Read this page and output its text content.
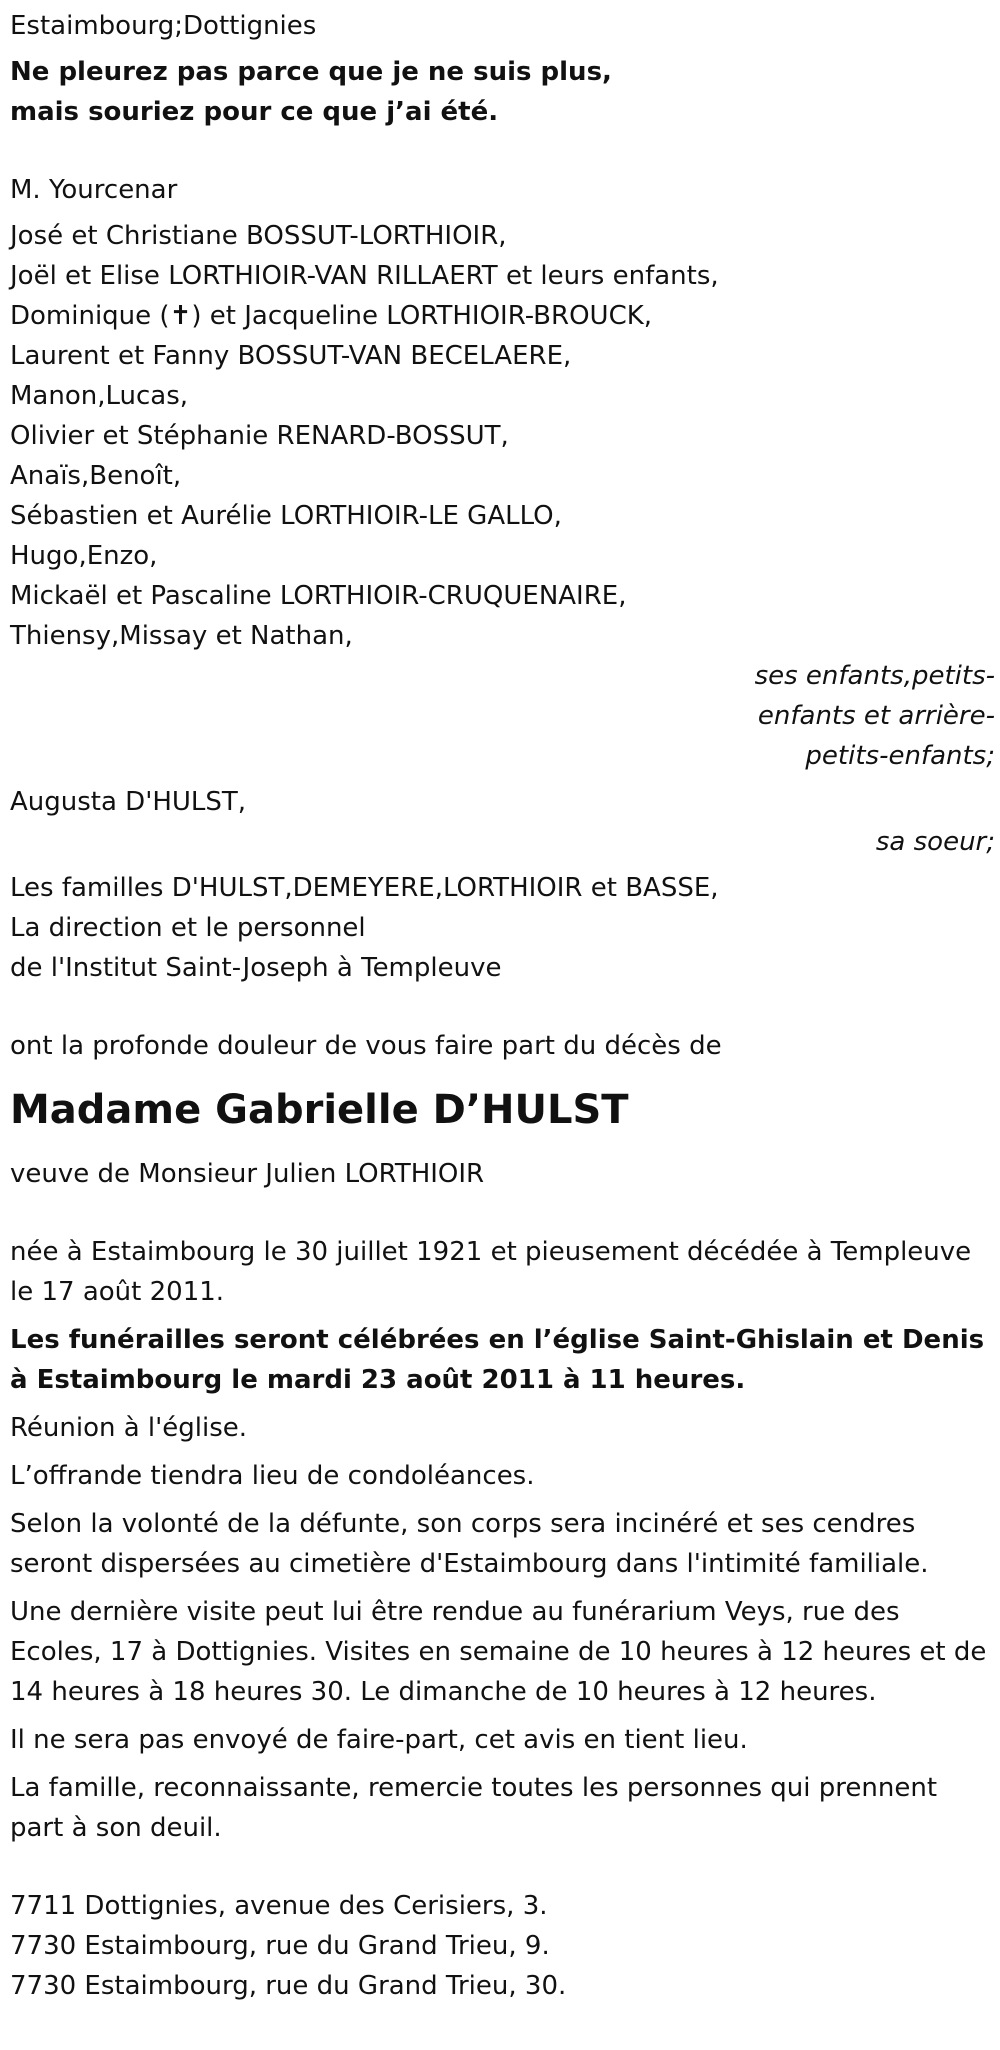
Estaimbourg;Dottignies
Ne pleurez pas parce que je ne suis plus,
mais souriez pour ce que j’ai été.
M. Yourcenar
José et Christiane BOSSUT-LORTHIOIR,
Joël et Elise LORTHIOIR-VAN RILLAERT et leurs enfants,
Dominique (✝) et Jacqueline LORTHIOIR-BROUCK,
Laurent et Fanny BOSSUT-VAN BECELAERE,
Manon,Lucas,
Olivier et Stéphanie RENARD-BOSSUT,
Anaïs,Benoît,
Sébastien et Aurélie LORTHIOIR-LE GALLO,
Hugo,Enzo,
Mickaël et Pascaline LORTHIOIR-CRUQUENAIRE,
Thiensy,Missay et Nathan,
ses enfants,petits-
enfants et arrière-
petits-enfants;
Augusta D'HULST,
sa soeur;
Les familles D'HULST,DEMEYERE,LORTHIOIR et BASSE,
La direction et le personnel
de l'Institut Saint-Joseph à Templeuve
ont la profonde douleur de vous faire part du décès de
Madame Gabrielle D’HULST
veuve de Monsieur Julien LORTHIOIR
née à Estaimbourg le 30 juillet 1921 et pieusement décédée à Templeuve le 17 août 2011.
Les funérailles seront célébrées en l’église Saint-Ghislain et Denis à Estaimbourg le mardi 23 août 2011 à 11 heures.
Réunion à l'église.
L’offrande tiendra lieu de condoléances.
Selon la volonté de la défunte, son corps sera incinéré et ses cendres seront dispersées au cimetière d'Estaimbourg dans l'intimité familiale.
Une dernière visite peut lui être rendue au funérarium Veys, rue des Ecoles, 17 à Dottignies. Visites en semaine de 10 heures à 12 heures et de 14 heures à 18 heures 30. Le dimanche de 10 heures à 12 heures.
Il ne sera pas envoyé de faire-part, cet avis en tient lieu.
La famille, reconnaissante, remercie toutes les personnes qui prennent part à son deuil.
7711 Dottignies, avenue des Cerisiers, 3.
7730 Estaimbourg, rue du Grand Trieu, 9.
7730 Estaimbourg, rue du Grand Trieu, 30.
